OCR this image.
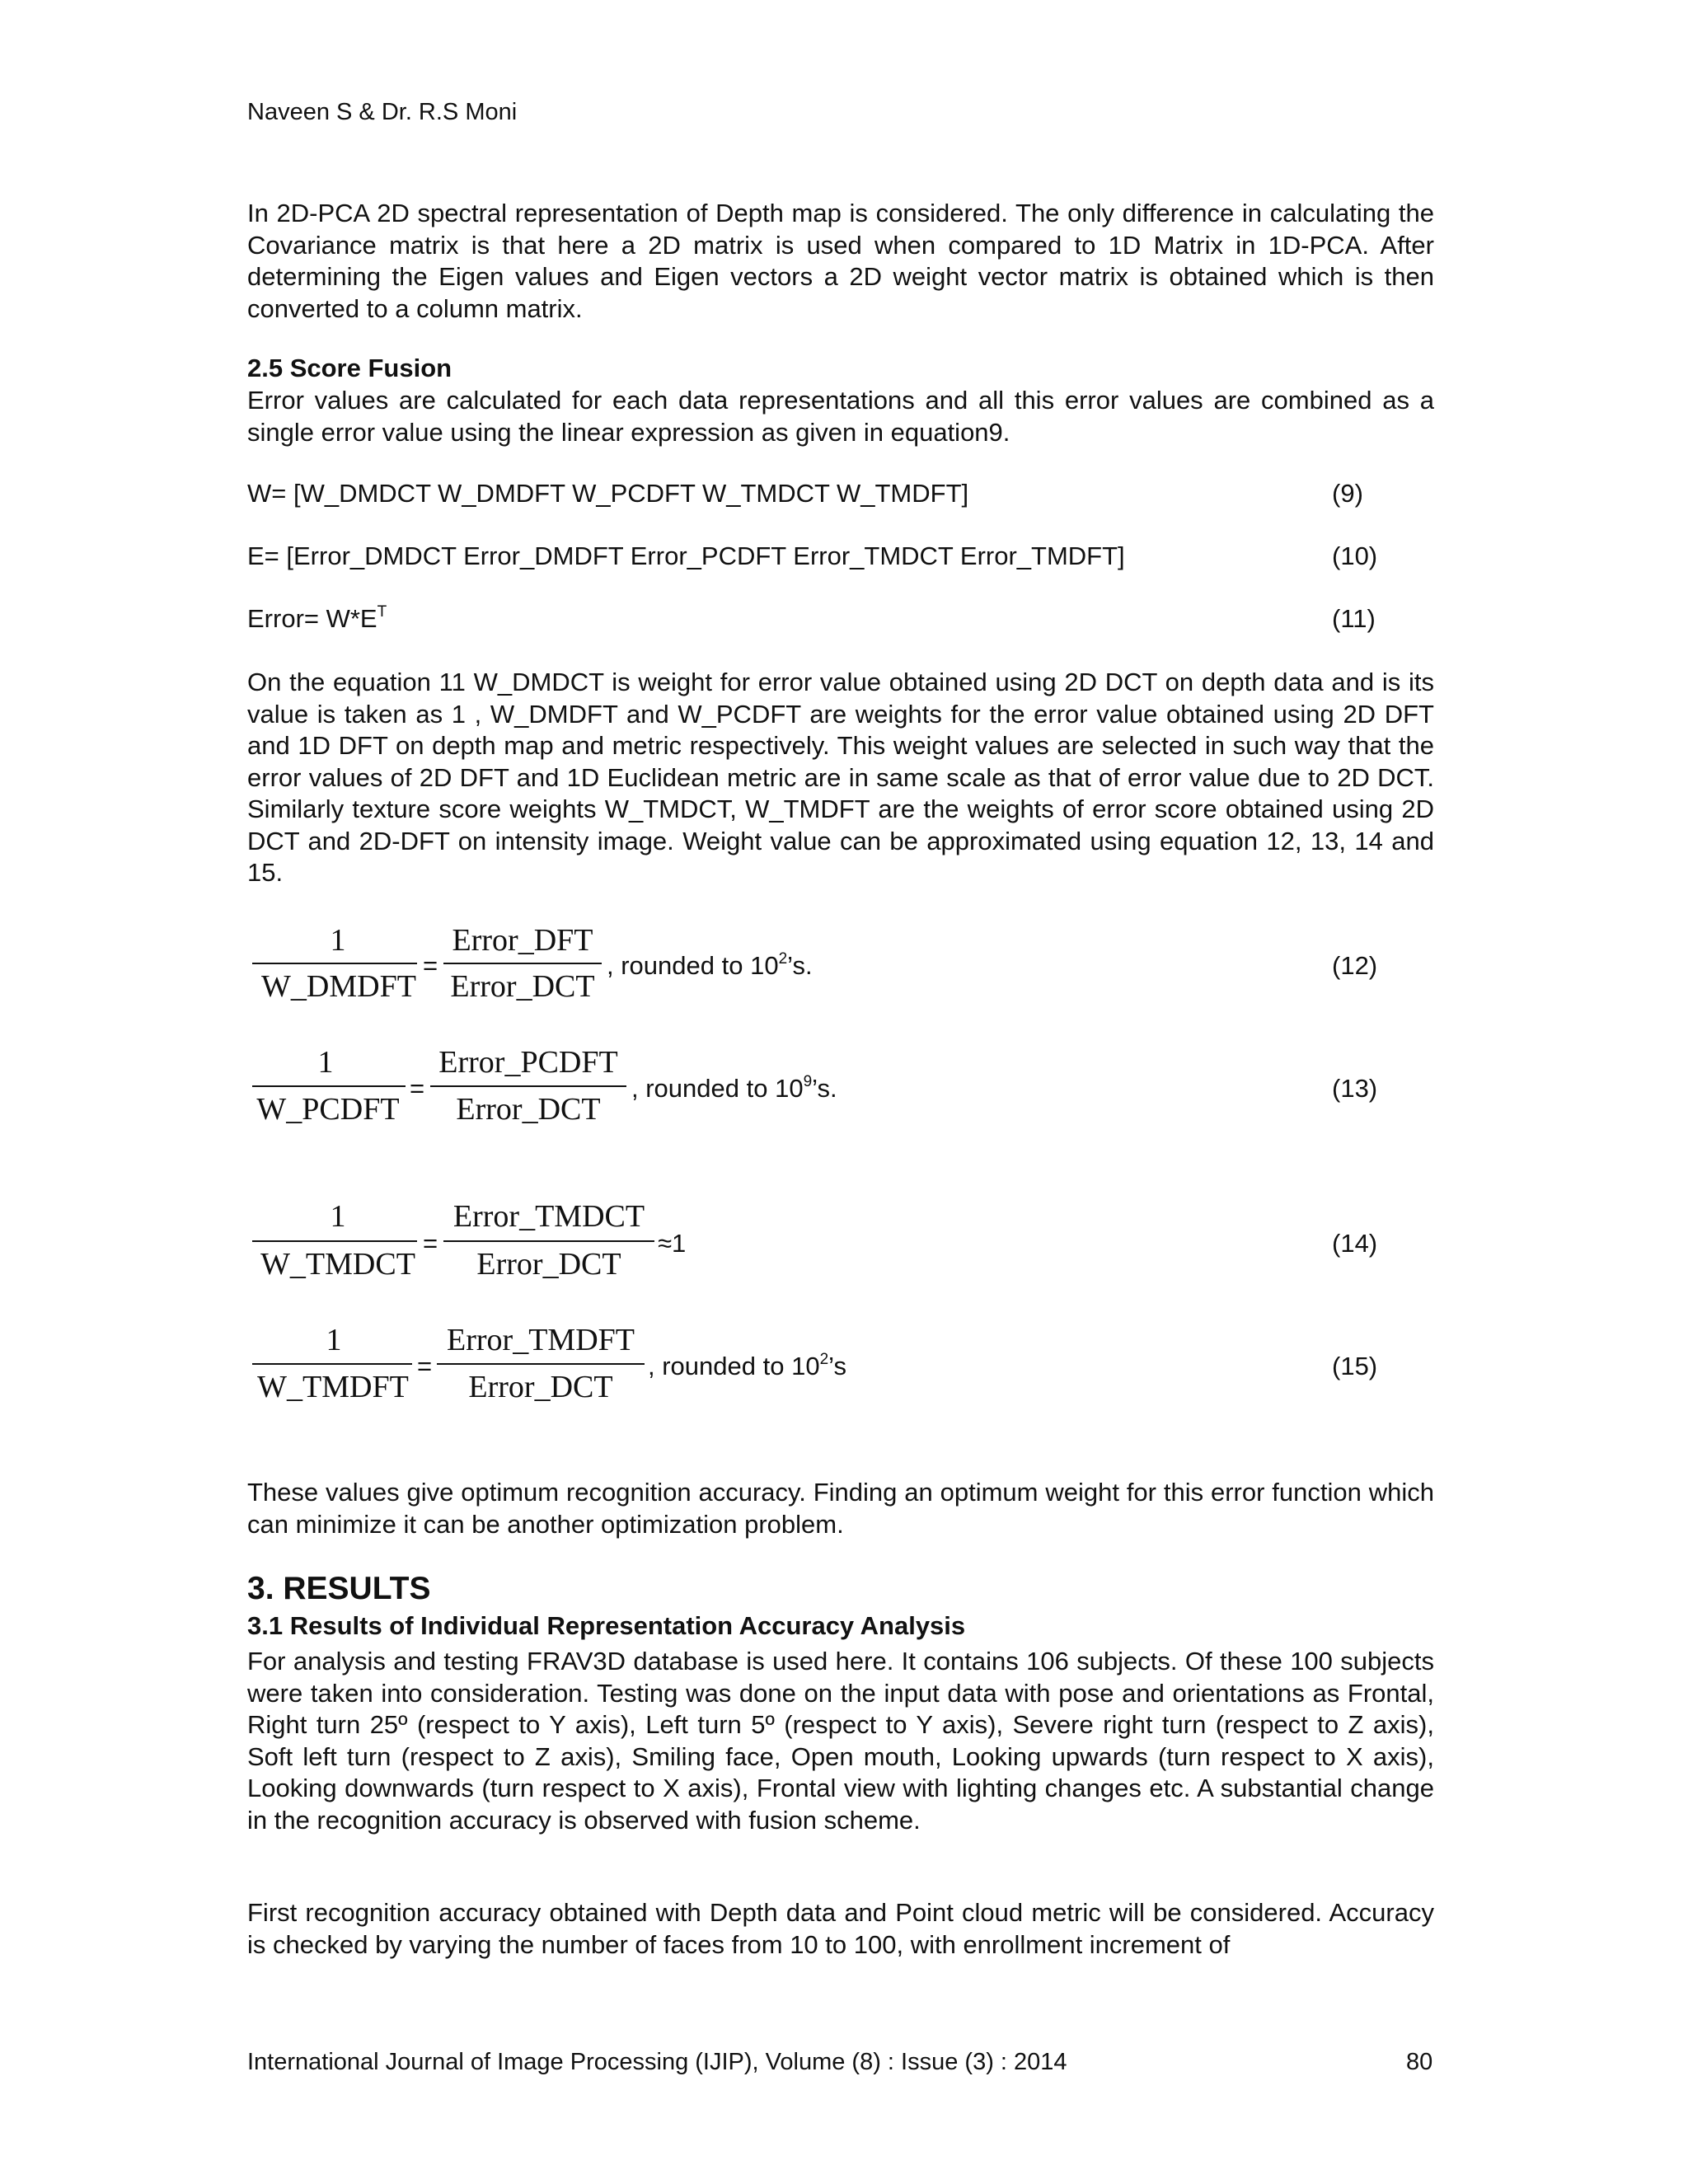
Naveen S & Dr. R.S Moni

In 2D-PCA 2D spectral representation of Depth map is considered. The only difference in calculating the Covariance matrix is that here a 2D matrix is used when compared to 1D Matrix in 1D-PCA. After determining the Eigen values and Eigen vectors a 2D weight vector matrix is obtained which is then converted to a column matrix.

2.5 Score Fusion

Error values are calculated for each data representations and all this error values are combined as a single error value using the linear expression as given in equation9.

W= [W_DMDCT W_DMDFT W_PCDFT W_TMDCT W_TMDFT]	(9)
E= [Error_DMDCT Error_DMDFT Error_PCDFT Error_TMDCT Error_TMDFT]	(10)
Error= $W*E^T$	(11)

On the equation 11 W_DMDCT is weight for error value obtained using 2D DCT on depth data and is its value is taken as 1 , W_DMDFT and W_PCDFT are weights for the error value obtained using 2D DFT and 1D DFT on depth map and metric respectively. This weight values are selected in such way that the error values of 2D DFT and 1D Euclidean metric are in same scale as that of error value due to 2D DCT. Similarly texture score weights W_TMDCT, W_TMDFT are the weights of error score obtained using 2D DCT and 2D-DFT on intensity image. Weight value can be approximated using equation 12, 13, 14 and 15.

1
W_DMDFT
=
Error_DFT
Error_DCT
, rounded to $10^2’s$.	(12)
1
W_PCDFT
=
Error_PCDFT
Error_DCT
, rounded to $10^9’s$.	(13)
1
W_TMDCT
=
Error_TMDCT
Error_DCT
≈1	(14)
1
W_TMDFT
=
Error_TMDFT
Error_DCT
, rounded to $10^2’s$	(15)

These values give optimum recognition accuracy. Finding an optimum weight for this error function which can minimize it can be another optimization problem.

3. RESULTS
3.1 Results of Individual Representation Accuracy Analysis

For analysis and testing FRAV3D database is used here. It contains 106 subjects. Of these 100 subjects were taken into consideration. Testing was done on the input data with pose and orientations as Frontal, Right turn 25º (respect to Y axis), Left turn 5º (respect to Y axis), Severe right turn (respect to Z axis), Soft left turn (respect to Z axis), Smiling face, Open mouth, Looking upwards (turn respect to X axis), Looking downwards (turn respect to X axis), Frontal view with lighting changes etc. A substantial change in the recognition accuracy is observed with fusion scheme.

First recognition accuracy obtained with Depth data and Point cloud metric will be considered. Accuracy is checked by varying the number of faces from 10 to 100, with enrollment increment of

International Journal of Image Processing (IJIP), Volume (8) : Issue (3) : 2014	80
